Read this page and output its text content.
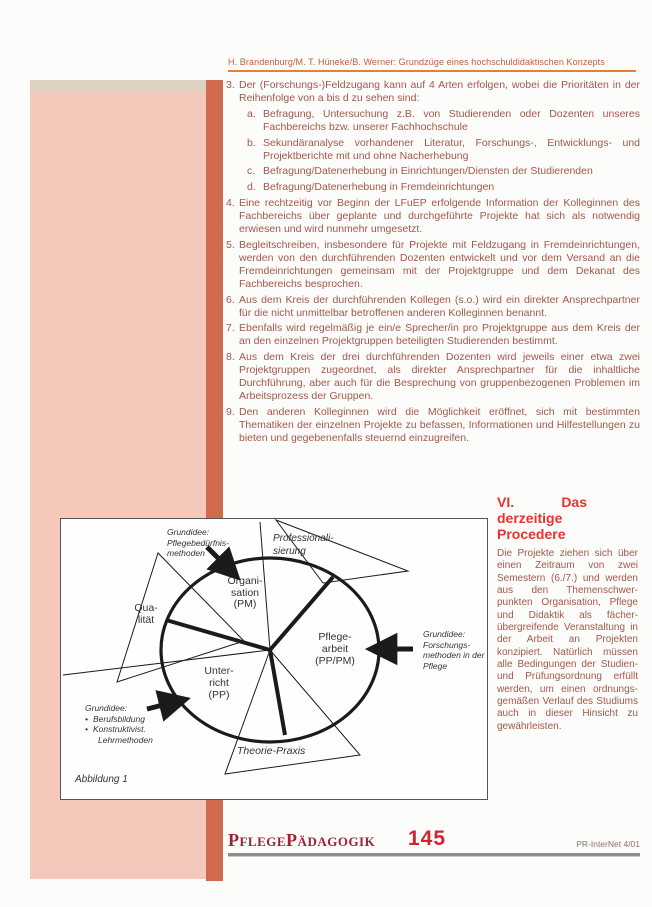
H. Brandenburg/M. T. Hüneke/B. Werner: Grundzüge eines hochschuldidaktischen Konzepts
3. Der (Forschungs-)Feldzugang kann auf 4 Arten erfolgen, wobei die Prioritäten in der Reihenfolge von a bis d zu sehen sind:
a. Befragung, Untersuchung z.B. von Studierenden oder Dozenten unseres Fachbereichs bzw. unserer Fachhochschule
b. Sekundäranalyse vorhandener Literatur, Forschungs-, Entwicklungs- und Projektberichte mit und ohne Nacherhebung
c. Befragung/Datenerhebung in Einrichtungen/Diensten der Studierenden
d. Befragung/Datenerhebung in Fremdeinrichtungen
4. Eine rechtzeitig vor Beginn der LFuEP erfolgende Information der Kolleginnen des Fachbereichs über geplante und durchgeführte Projekte hat sich als notwendig erwiesen und wird nunmehr umgesetzt.
5. Begleitschreiben, insbesondere für Projekte mit Feldzugang in Fremdeinrichtungen, werden von den durchführenden Dozenten entwickelt und vor dem Versand an die Fremdeinrichtungen gemeinsam mit der Projektgruppe und dem Dekanat des Fachbereichs besprochen.
6. Aus dem Kreis der durchführenden Kollegen (s.o.) wird ein direkter Ansprechpartner für die nicht unmittelbar betroffenen anderen Kolleginnen benannt.
7. Ebenfalls wird regelmäßig je ein/e Sprecher/in pro Projektgruppe aus dem Kreis der an den einzelnen Projektgruppen beteiligten Studierenden bestimmt.
8. Aus dem Kreis der drei durchführenden Dozenten wird jeweils einer etwa zwei Projektgruppen zugeordnet, als direkter Ansprechpartner für die inhaltliche Durchführung, aber auch für die Besprechung von gruppenbezogenen Problemen im Arbeitsprozess der Gruppen.
9. Den anderen Kolleginnen wird die Möglichkeit eröffnet, sich mit bestimmten Thematiken der einzelnen Projekte zu befassen, Informationen und Hilfestellungen zu bieten und gegebenenfalls steuernd einzugreifen.
VI.	Das
derzeitige
Procedere
Die Projekte ziehen sich über einen Zeitraum von zwei Semestern (6./7.) und werden aus den Themenschwerpunkten Organisation, Pflege und Didaktik als fächerübergreifende Veranstaltung in der Arbeit an Projekten konzipiert. Natürlich müssen alle Bedingungen der Studien- und Prüfungsordnung erfüllt werden, um einen ordnungsgemäßen Verlauf des Studiums auch in dieser Hinsicht zu gewährleisten.
Grundidee:
Pflegebedürfnis-
methoden
Professionali-
sierung
Organi-
sation
(PM)
Qua-
lität
Pflege-
arbeit
(PP/PM)
Unter-
richt
(PP)
Theorie-Praxis
Grundidee:
Forschungs-
methoden in der
Pflege
Grundidee:
• Berufsbildung
• Konstruktivist.
Lehrmethoden
Abbildung 1
PflegePädagogik 145	PR-InterNet 4/01
